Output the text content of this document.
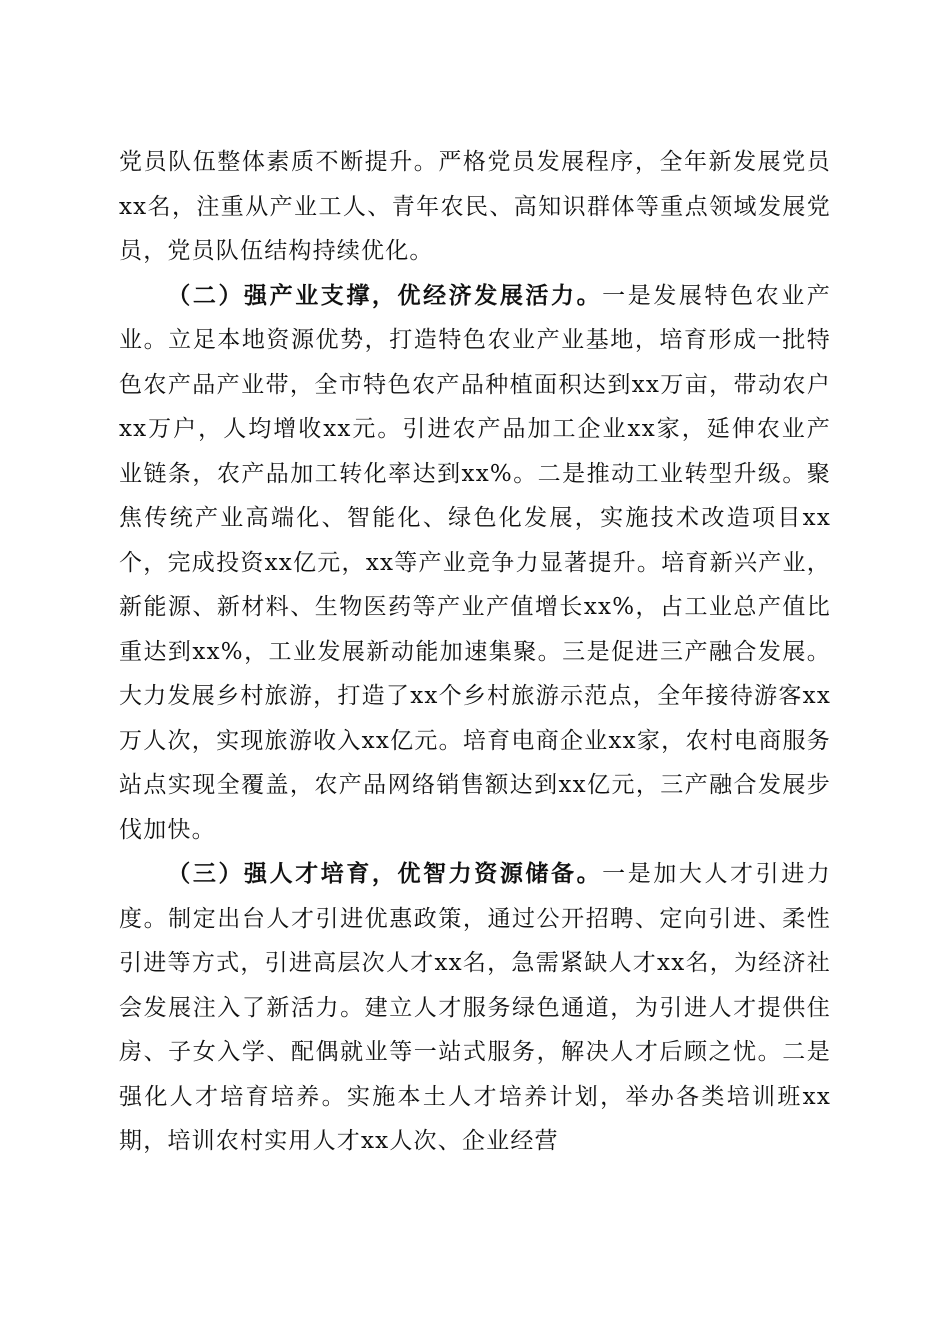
党员队伍整体素质不断提升。严格党员发展程序，全年新发展党员xx名，注重从产业工人、青年农民、高知识群体等重点领域发展党员，党员队伍结构持续优化。

（二）强产业支撑，优经济发展活力。一是发展特色农业产业。立足本地资源优势，打造特色农业产业基地，培育形成一批特色农产品产业带，全市特色农产品种植面积达到xx万亩，带动农户xx万户，人均增收xx元。引进农产品加工企业xx家，延伸农业产业链条，农产品加工转化率达到xx%。二是推动工业转型升级。聚焦传统产业高端化、智能化、绿色化发展，实施技术改造项目xx个，完成投资xx亿元，xx等产业竞争力显著提升。培育新兴产业，新能源、新材料、生物医药等产业产值增长xx%，占工业总产值比重达到xx%，工业发展新动能加速集聚。三是促进三产融合发展。大力发展乡村旅游，打造了xx个乡村旅游示范点，全年接待游客xx万人次，实现旅游收入xx亿元。培育电商企业xx家，农村电商服务站点实现全覆盖，农产品网络销售额达到xx亿元，三产融合发展步伐加快。

（三）强人才培育，优智力资源储备。一是加大人才引进力度。制定出台人才引进优惠政策，通过公开招聘、定向引进、柔性引进等方式，引进高层次人才xx名，急需紧缺人才xx名，为经济社会发展注入了新活力。建立人才服务绿色通道，为引进人才提供住房、子女入学、配偶就业等一站式服务，解决人才后顾之忧。二是强化人才培育培养。实施本土人才培养计划，举办各类培训班xx期，培训农村实用人才xx人次、企业经营
